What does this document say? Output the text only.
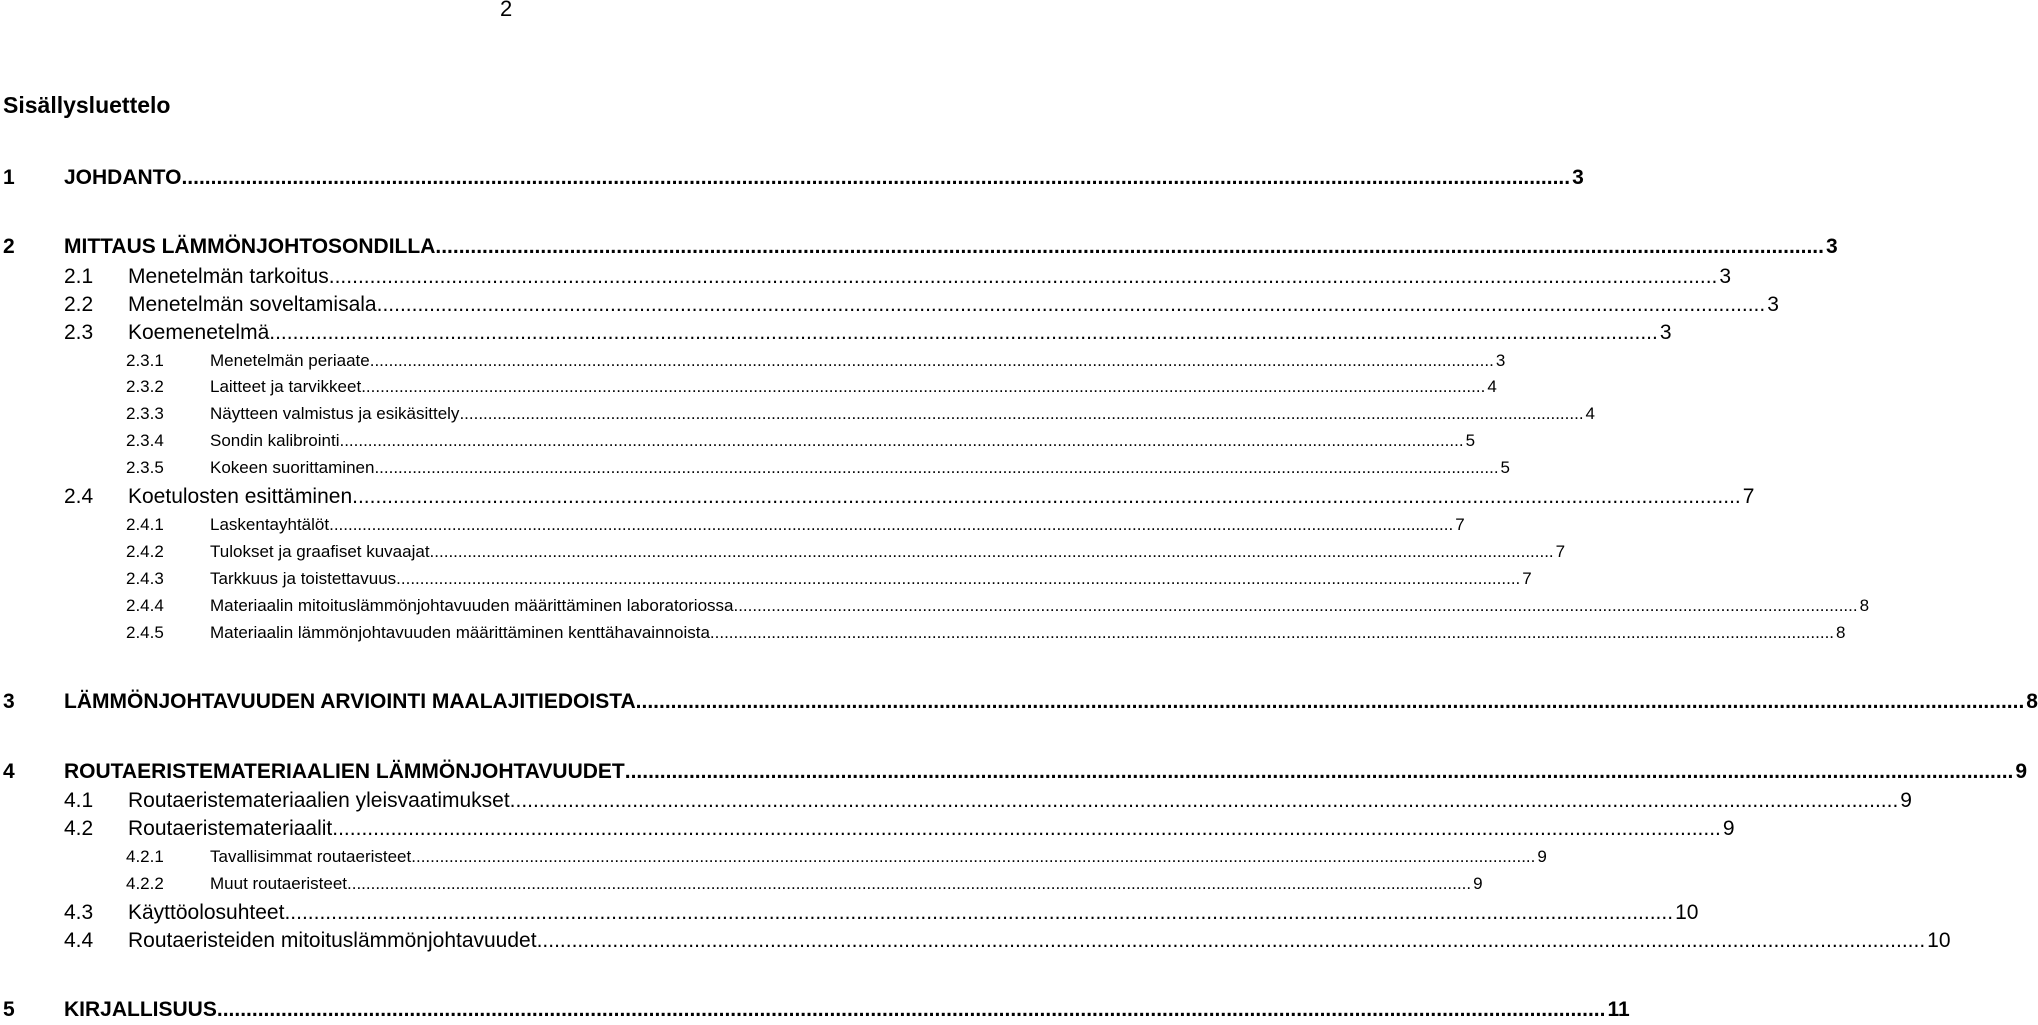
2
Sisällysluettelo
1 JOHDANTO .............................................................................................................................................................................................................................................. 3
2 MITTAUS LÄMMÖNJOHTOSONDILLA .............................................................................................................................................................................................................................................. 3
2.1 Menetelmän tarkoitus .............................................................................................................................................................................................................................................. 3
2.2 Menetelmän soveltamisala .............................................................................................................................................................................................................................................. 3
2.3 Koemenetelmä .............................................................................................................................................................................................................................................. 3
2.3.1	Menetelmän periaate .............................................................................................................................................................................................................................................. 3
2.3.2	Laitteet ja tarvikkeet .............................................................................................................................................................................................................................................. 4
2.3.3	Näytteen valmistus ja esikäsittely .............................................................................................................................................................................................................................................. 4
2.3.4	Sondin kalibrointi .............................................................................................................................................................................................................................................. 5
2.3.5	Kokeen suorittaminen .............................................................................................................................................................................................................................................. 5
2.4 Koetulosten esittäminen .............................................................................................................................................................................................................................................. 7
2.4.1	Laskentayhtälöt .............................................................................................................................................................................................................................................. 7
2.4.2	Tulokset ja graafiset kuvaajat .............................................................................................................................................................................................................................................. 7
2.4.3	Tarkkuus ja toistettavuus .............................................................................................................................................................................................................................................. 7
2.4.4	Materiaalin mitoituslämmönjohtavuuden määrittäminen laboratoriossa .............................................................................................................................................................................................................................................. 8
2.4.5	Materiaalin lämmönjohtavuuden määrittäminen kenttähavainnoista .............................................................................................................................................................................................................................................. 8
3 LÄMMÖNJOHTAVUUDEN ARVIOINTI MAALAJITIEDOISTA .............................................................................................................................................................................................................................................. 8
4 ROUTAERISTEMATERIAALIEN LÄMMÖNJOHTAVUUDET .............................................................................................................................................................................................................................................. 9
4.1 Routaeristemateriaalien yleisvaatimukset .............................................................................................................................................................................................................................................. 9
4.2 Routaeristemateriaalit .............................................................................................................................................................................................................................................. 9
4.2.1	Tavallisimmat routaeristeet .............................................................................................................................................................................................................................................. 9
4.2.2	Muut routaeristeet .............................................................................................................................................................................................................................................. 9
4.3 Käyttöolosuhteet .............................................................................................................................................................................................................................................. 10
4.4 Routaeristeiden mitoituslämmönjohtavuudet .............................................................................................................................................................................................................................................. 10
5 KIRJALLISUUS .............................................................................................................................................................................................................................................. 11
